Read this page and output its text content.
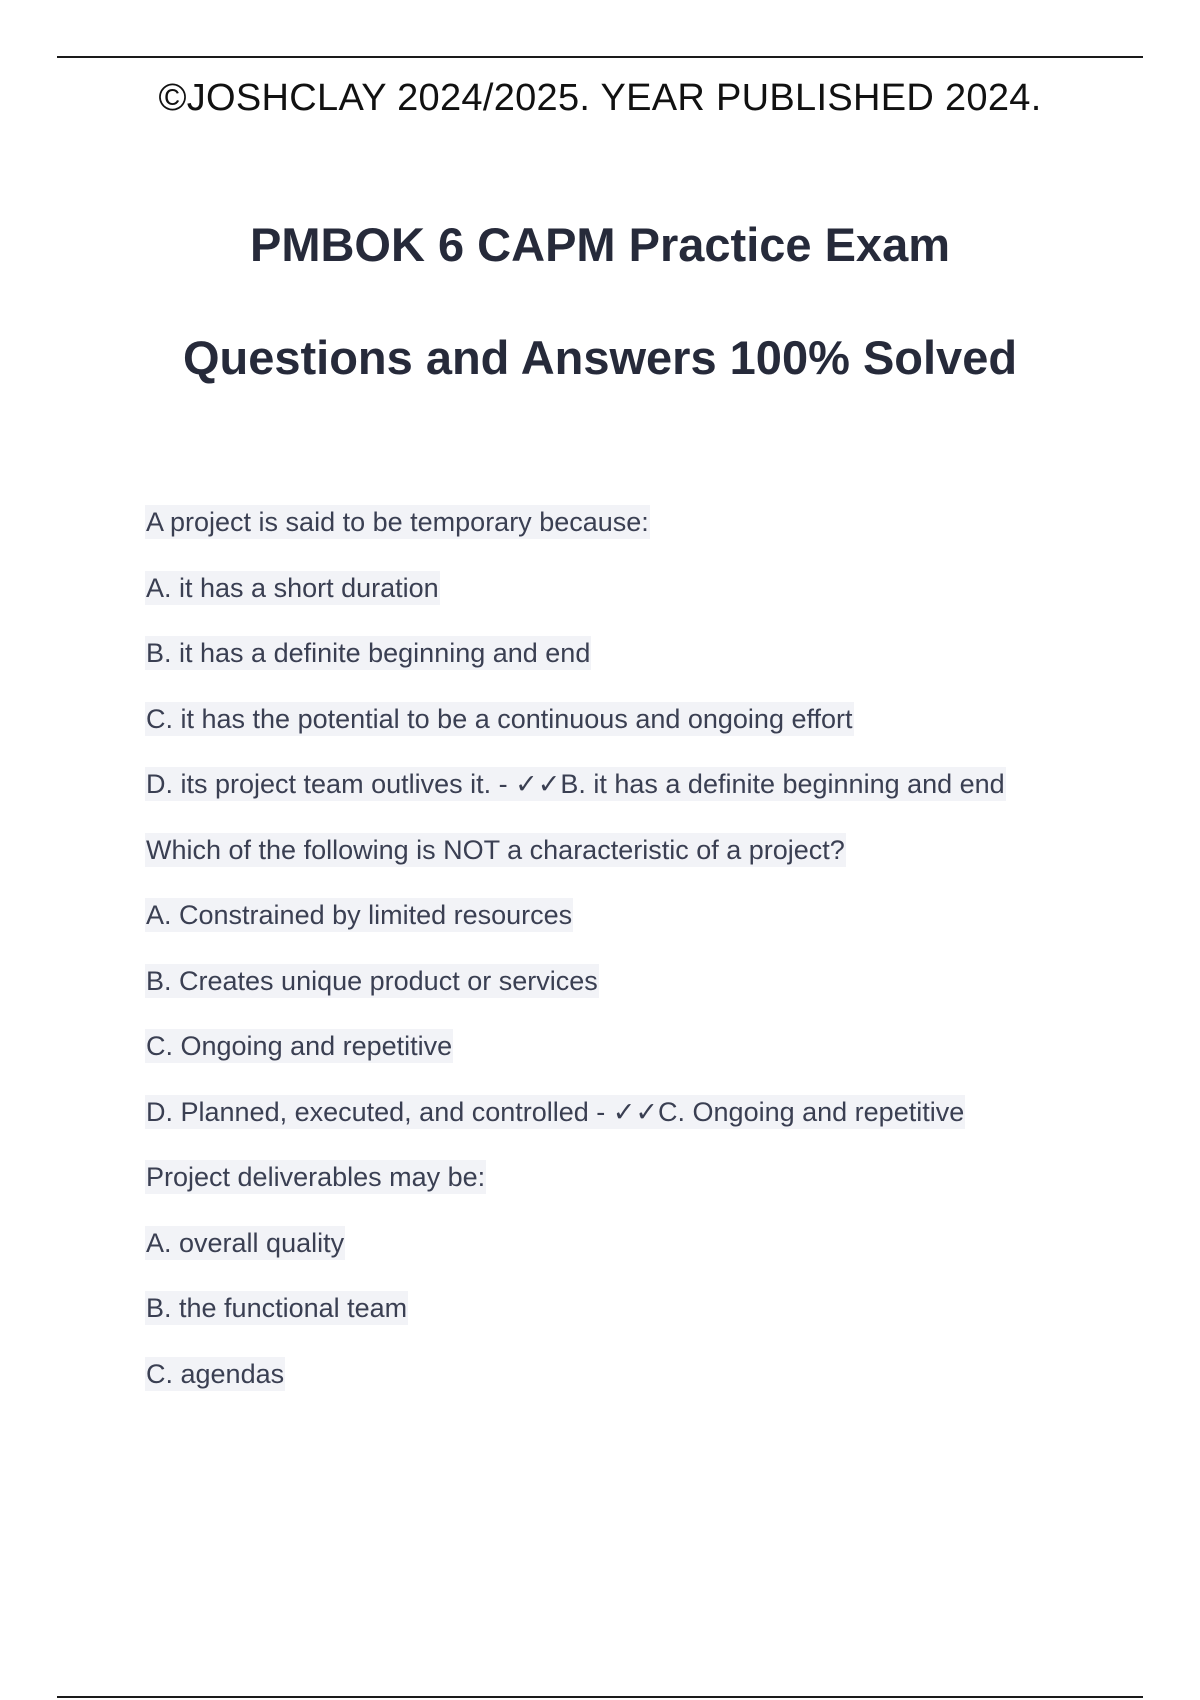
©JOSHCLAY 2024/2025. YEAR PUBLISHED 2024.
PMBOK 6 CAPM Practice Exam
Questions and Answers 100% Solved
A project is said to be temporary because:
A. it has a short duration
B. it has a definite beginning and end
C. it has the potential to be a continuous and ongoing effort
D. its project team outlives it. - ✓✓B. it has a definite beginning and end
Which of the following is NOT a characteristic of a project?
A. Constrained by limited resources
B. Creates unique product or services
C. Ongoing and repetitive
D. Planned, executed, and controlled - ✓✓C. Ongoing and repetitive
Project deliverables may be:
A. overall quality
B. the functional team
C. agendas
